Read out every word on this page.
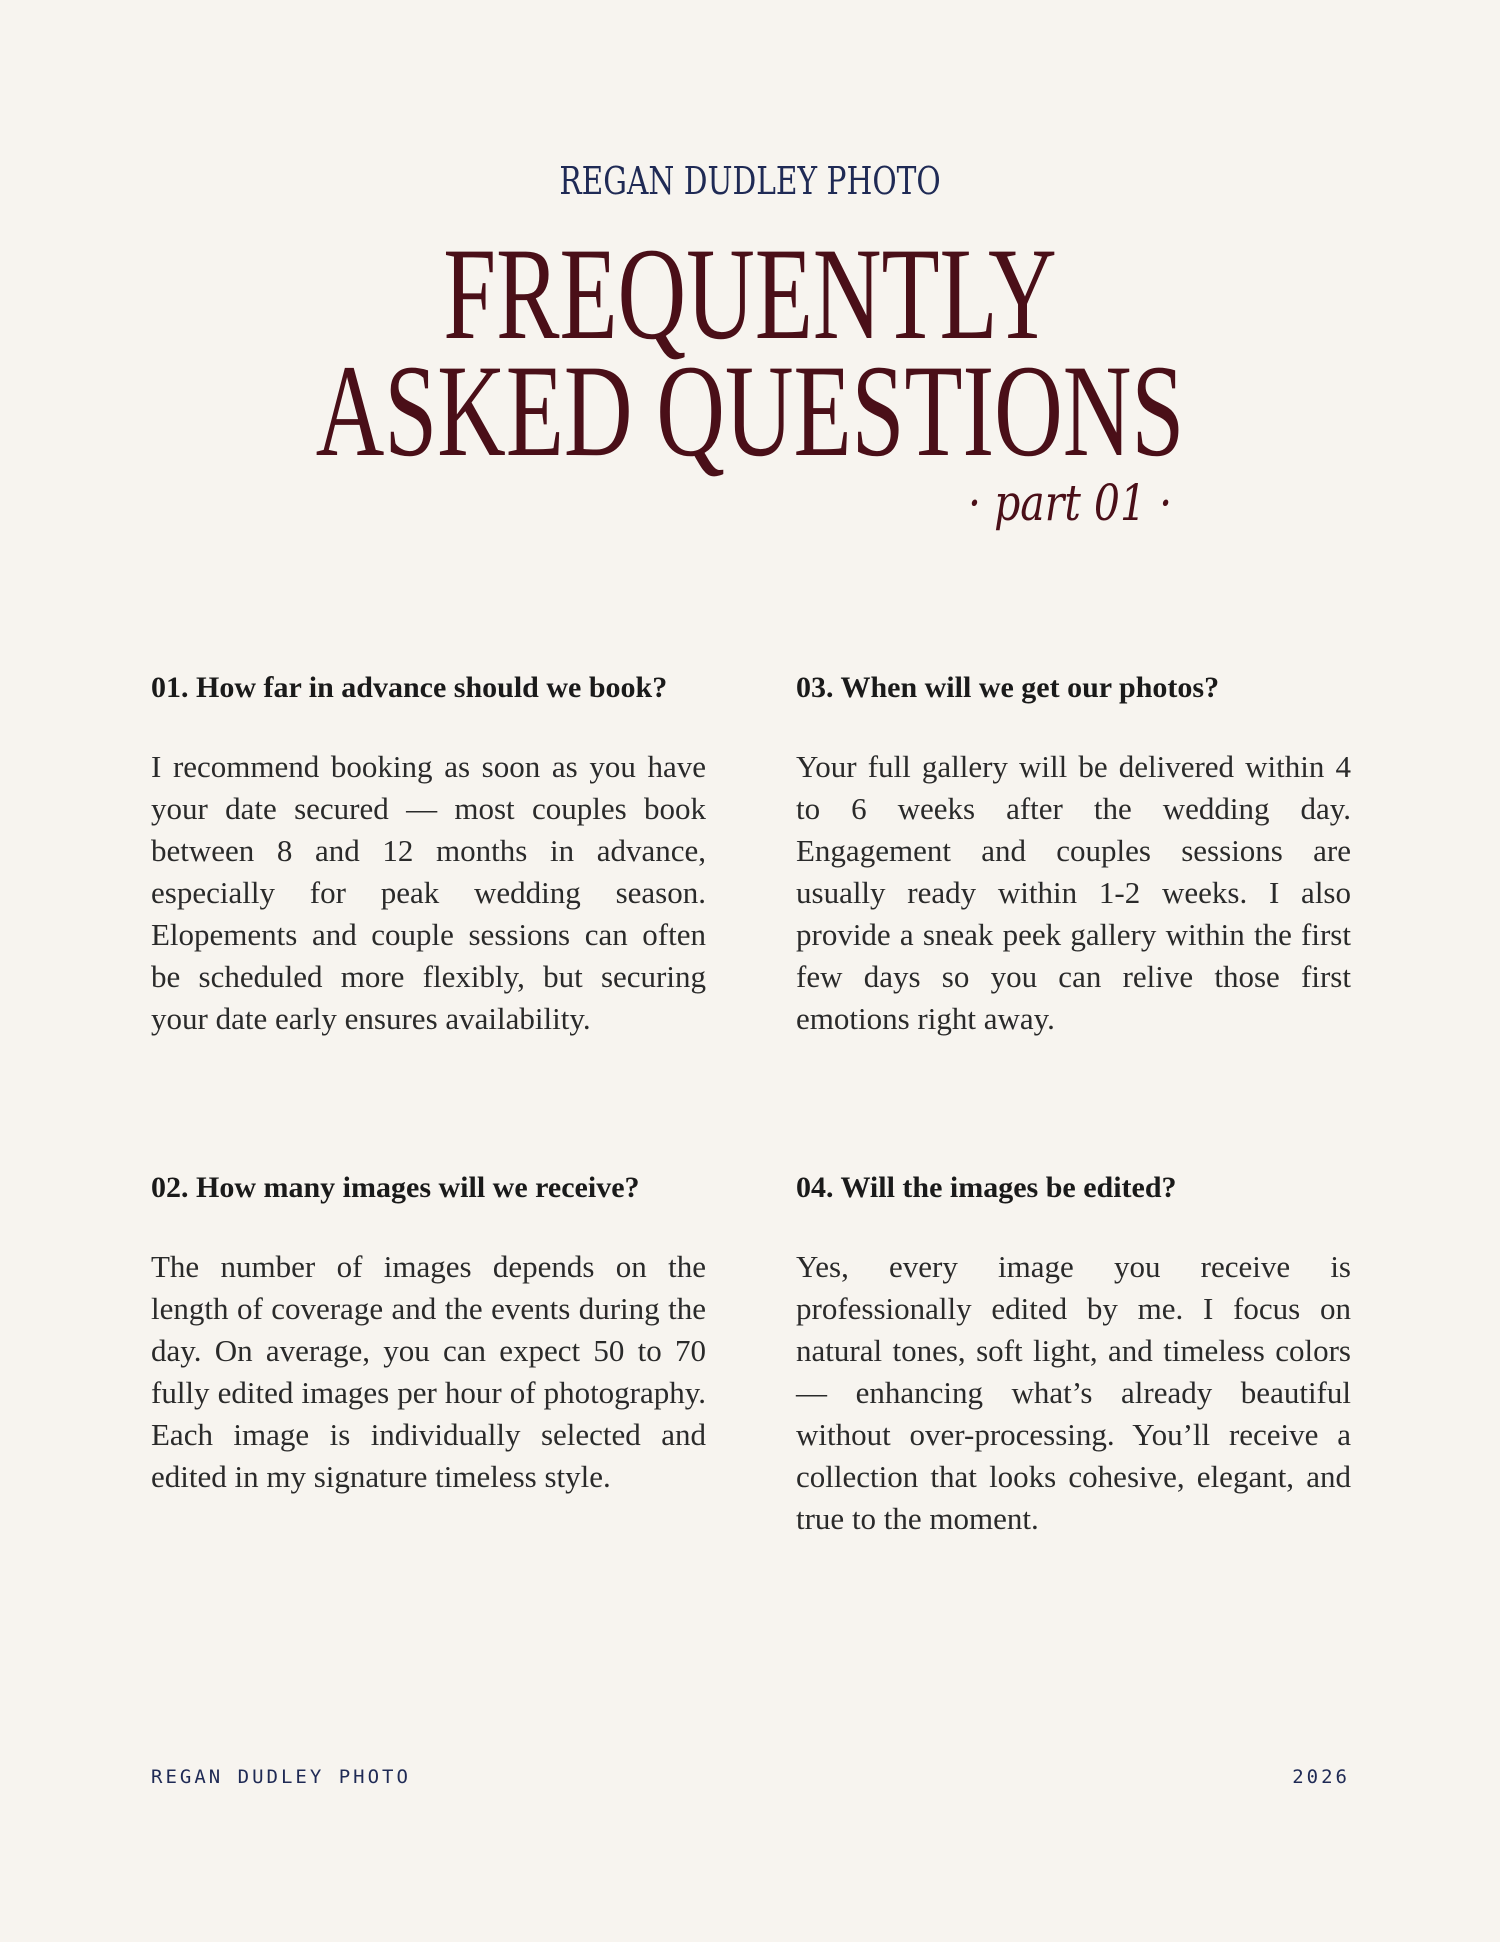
REGAN DUDLEY PHOTO
FREQUENTLY
ASKED QUESTIONS
· part 01 ·
01. How far in advance should we book?

I recommend booking as soon as you have your date secured — most couples book between 8 and 12 months in advance, especially for peak wedding season. Elopements and couple sessions can often be scheduled more flexibly, but securing your date early ensures availability.

02. How many images will we receive?

The number of images depends on the length of coverage and the events during the day. On average, you can expect 50 to 70 fully edited images per hour of photography. Each image is individually selected and edited in my signature timeless style.

03. When will we get our photos?

Your full gallery will be delivered within 4 to 6 weeks after the wedding day. Engagement and couples sessions are usually ready within 1-2 weeks. I also provide a sneak peek gallery within the first few days so you can relive those first emotions right away.

04. Will the images be edited?

Yes, every image you receive is professionally edited by me. I focus on natural tones, soft light, and timeless colors — enhancing what’s already beautiful without over-processing. You’ll receive a collection that looks cohesive, elegant, and true to the moment.

REGAN DUDLEY PHOTO	2026
